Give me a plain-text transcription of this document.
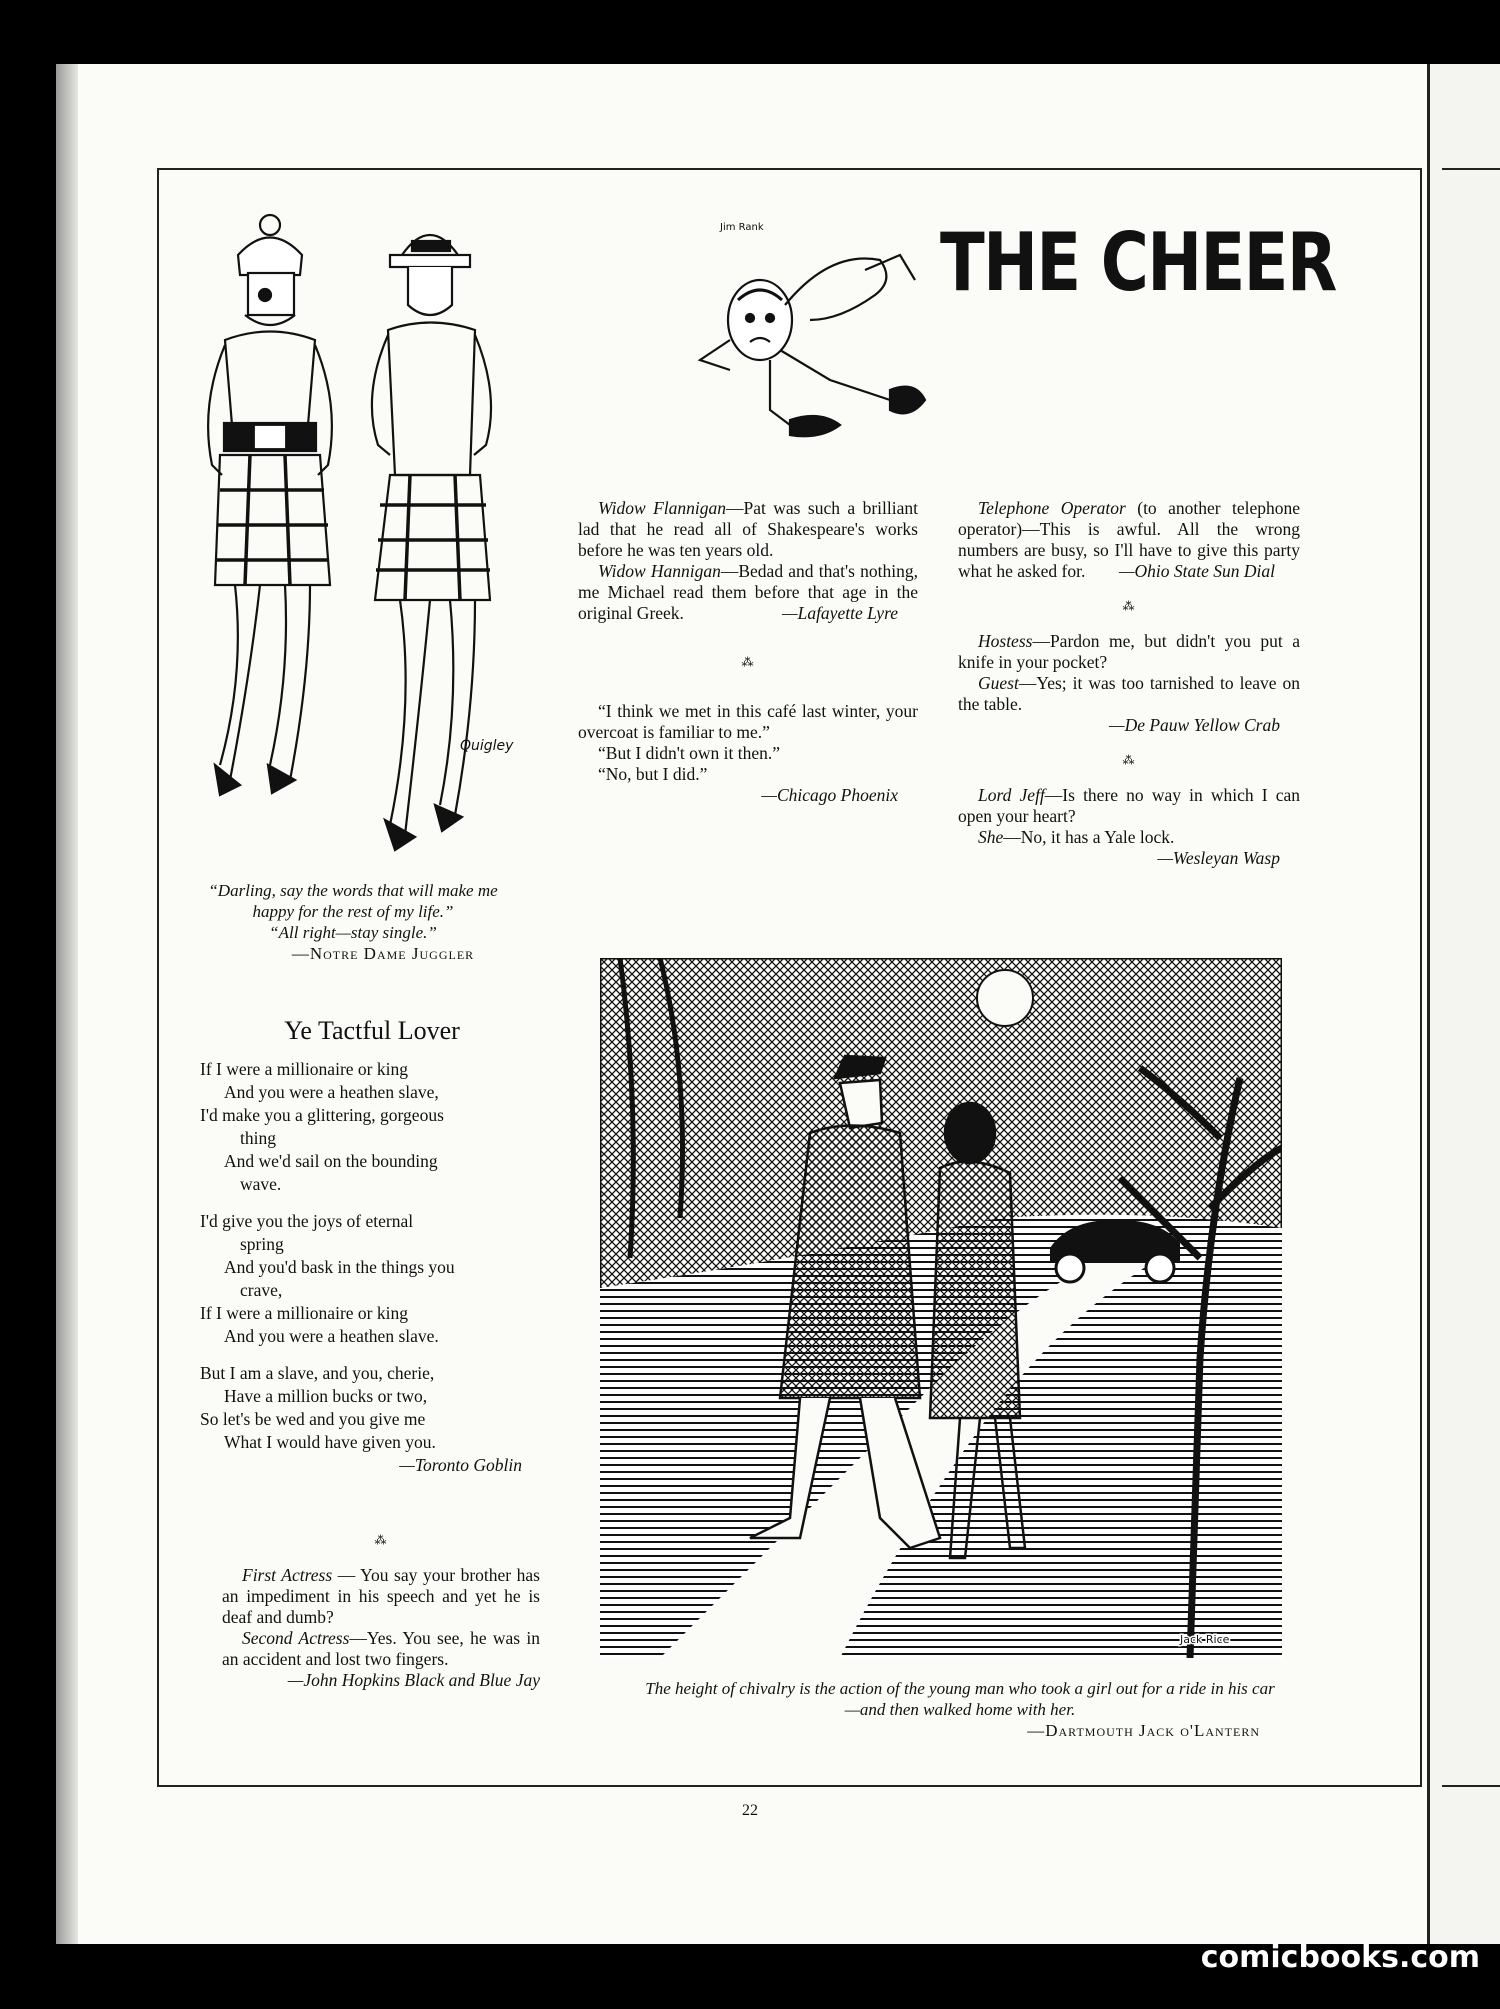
Quigley
Jim Rank THE CHEER
“Darling, say the words that will make me happy for the rest of my life.”
“All right—stay single.”
—Notre Dame Juggler
Ye Tactful Lover
If I were a millionaire or king
And you were a heathen slave,
I'd make you a glittering, gorgeous
thing
And we'd sail on the bounding
wave.
I'd give you the joys of eternal
spring
And you'd bask in the things you
crave,
If I were a millionaire or king
And you were a heathen slave.
But I am a slave, and you, cherie,
Have a million bucks or two,
So let's be wed and you give me
What I would have given you.
—Toronto Goblin

⁂

First Actress — You say your brother has an impediment in his speech and yet he is deaf and dumb?

Second Actress—Yes. You see, he was in an accident and lost two fingers.

—John Hopkins Black and Blue Jay

Widow Flannigan—Pat was such a brilliant lad that he read all of Shakespeare's works before he was ten years old.

Widow Hannigan—Bedad and that's nothing, me Michael read them before that age in the original Greek.	—Lafayette Lyre

⁂

“I think we met in this café last winter, your overcoat is familiar to me.”

“But I didn't own it then.”

“No, but I did.”

—Chicago Phoenix

Telephone Operator (to another telephone operator)—This is awful. All the wrong numbers are busy, so I'll have to give this party what he asked for.	—Ohio State Sun Dial

⁂

Hostess—Pardon me, but didn't you put a knife in your pocket?

Guest—Yes; it was too tarnished to leave on the table.

—De Pauw Yellow Crab

⁂

Lord Jeff—Is there no way in which I can open your heart?

She—No, it has a Yale lock.

—Wesleyan Wasp

Jack Rice
The height of chivalry is the action of the young man who took a girl out for a ride in his car—and then walked home with her.
—Dartmouth Jack o'Lantern
22
comicbooks.com
